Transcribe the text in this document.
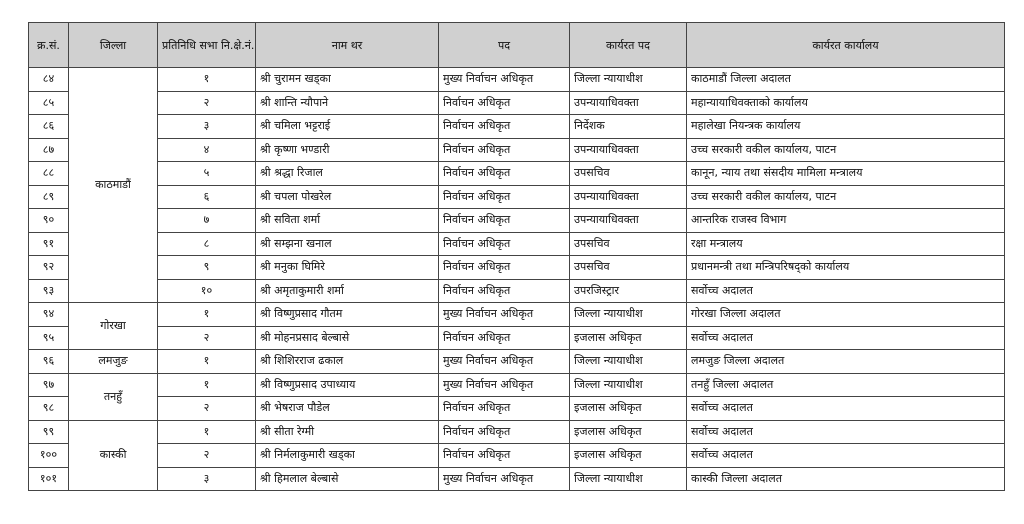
क्र.सं.	जिल्ला	प्रतिनिधि सभा नि.क्षे.नं.	नाम थर	पद	कार्यरत पद	कार्यरत कार्यालय
८४	काठमाडौं	१	श्री चुरामन खड्का	मुख्य निर्वाचन अधिकृत	जिल्ला न्यायाधीश	काठमाडौं जिल्ला अदालत
८५		२	श्री शान्ति न्यौपाने	निर्वाचन अधिकृत	उपन्यायाधिवक्ता	महान्यायाधिवक्ताको कार्यालय
८६		३	श्री चमिला भट्टराई	निर्वाचन अधिकृत	निर्देशक	महालेखा नियन्त्रक कार्यालय
८७		४	श्री कृष्णा भण्डारी	निर्वाचन अधिकृत	उपन्यायाधिवक्ता	उच्च सरकारी वकील कार्यालय, पाटन
८८		५	श्री श्रद्धा रिजाल	निर्वाचन अधिकृत	उपसचिव	कानून, न्याय तथा संसदीय मामिला मन्त्रालय
८९		६	श्री चपला पोखरेल	निर्वाचन अधिकृत	उपन्यायाधिवक्ता	उच्च सरकारी वकील कार्यालय, पाटन
९०		७	श्री सविता शर्मा	निर्वाचन अधिकृत	उपन्यायाधिवक्ता	आन्तरिक राजस्व विभाग
९१		८	श्री सम्झना खनाल	निर्वाचन अधिकृत	उपसचिव	रक्षा मन्त्रालय
९२		९	श्री मनुका घिमिरे	निर्वाचन अधिकृत	उपसचिव	प्रधानमन्त्री तथा मन्त्रिपरिषद्को कार्यालय
९३		१०	श्री अमृताकुमारी शर्मा	निर्वाचन अधिकृत	उपरजिस्ट्रार	सर्वोच्च अदालत
९४	गोरखा	१	श्री विष्णुप्रसाद गौतम	मुख्य निर्वाचन अधिकृत	जिल्ला न्यायाधीश	गोरखा जिल्ला अदालत
९५		२	श्री मोहनप्रसाद बेल्बासे	निर्वाचन अधिकृत	इजलास अधिकृत	सर्वोच्च अदालत
९६	लमजुङ	१	श्री शिशिरराज ढकाल	मुख्य निर्वाचन अधिकृत	जिल्ला न्यायाधीश	लमजुङ जिल्ला अदालत
९७	तनहुँ	१	श्री विष्णुप्रसाद उपाध्याय	मुख्य निर्वाचन अधिकृत	जिल्ला न्यायाधीश	तनहुँ जिल्ला अदालत
९८		२	श्री भेषराज पौडेल	निर्वाचन अधिकृत	इजलास अधिकृत	सर्वोच्च अदालत
९९	कास्की	१	श्री सीता रेग्मी	निर्वाचन अधिकृत	इजलास अधिकृत	सर्वोच्च अदालत
१००		२	श्री निर्मलाकुमारी खड्का	निर्वाचन अधिकृत	इजलास अधिकृत	सर्वोच्च अदालत
१०१		३	श्री हिमलाल बेल्बासे	मुख्य निर्वाचन अधिकृत	जिल्ला न्यायाधीश	कास्की जिल्ला अदालत
